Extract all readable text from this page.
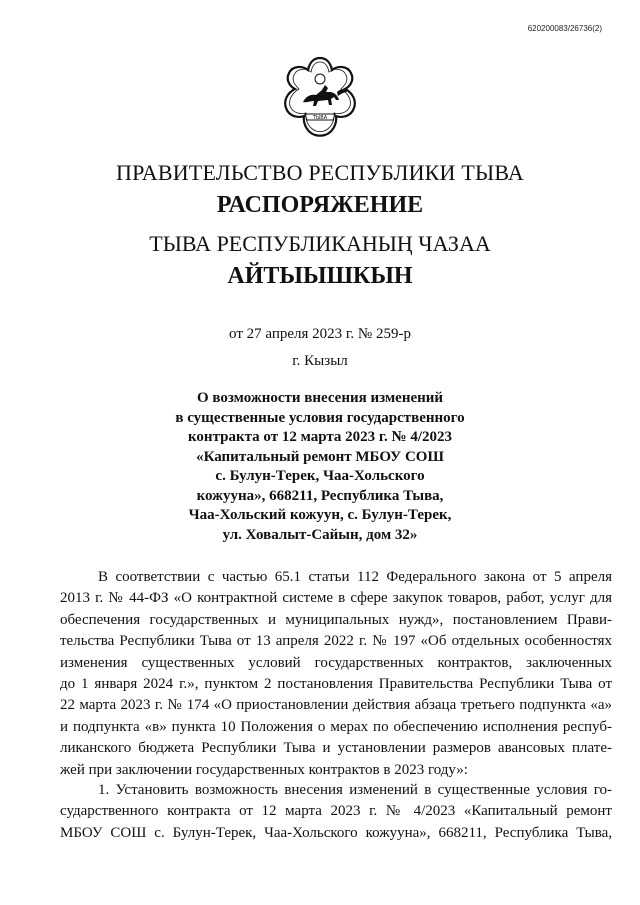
620200083/26736(2)
ТЫВА
ПРАВИТЕЛЬСТВО РЕСПУБЛИКИ ТЫВА
РАСПОРЯЖЕНИЕ
ТЫВА РЕСПУБЛИКАНЫҢ ЧАЗАА
АЙТЫЫШКЫН
от 27 апреля 2023 г. № 259-р
г. Кызыл
О возможности внесения изменений
в существенные условия государственного
контракта от 12 марта 2023 г. № 4/2023
«Капитальный ремонт МБОУ СОШ
с. Булун-Терек, Чаа-Хольского
кожууна», 668211, Республика Тыва,
Чаа-Хольский кожуун, с. Булун-Терек,
ул. Ховалыт-Сайын, дом 32»
В соответствии с частью 65.1 статьи 112 Федерального закона от 5 апреля
2013 г. № 44-ФЗ «О контрактной системе в сфере закупок товаров, работ, услуг для
обеспечения государственных и муниципальных нужд», постановлением Прави-
тельства Республики Тыва от 13 апреля 2022 г. № 197 «Об отдельных особенностях
изменения существенных условий государственных контрактов, заключенных
до 1 января 2024 г.», пунктом 2 постановления Правительства Республики Тыва от
22 марта 2023 г. № 174 «О приостановлении действия абзаца третьего подпункта «а»
и подпункта «в» пункта 10 Положения о мерах по обеспечению исполнения респуб-
ликанского бюджета Республики Тыва и установлении размеров авансовых плате-
жей при заключении государственных контрактов в 2023 году»:
1. Установить возможность внесения изменений в существенные условия го-
сударственного контракта от 12 марта 2023 г. № 4/2023 «Капитальный ремонт
МБОУ СОШ с. Булун-Терек, Чаа-Хольского кожууна», 668211, Республика Тыва,
